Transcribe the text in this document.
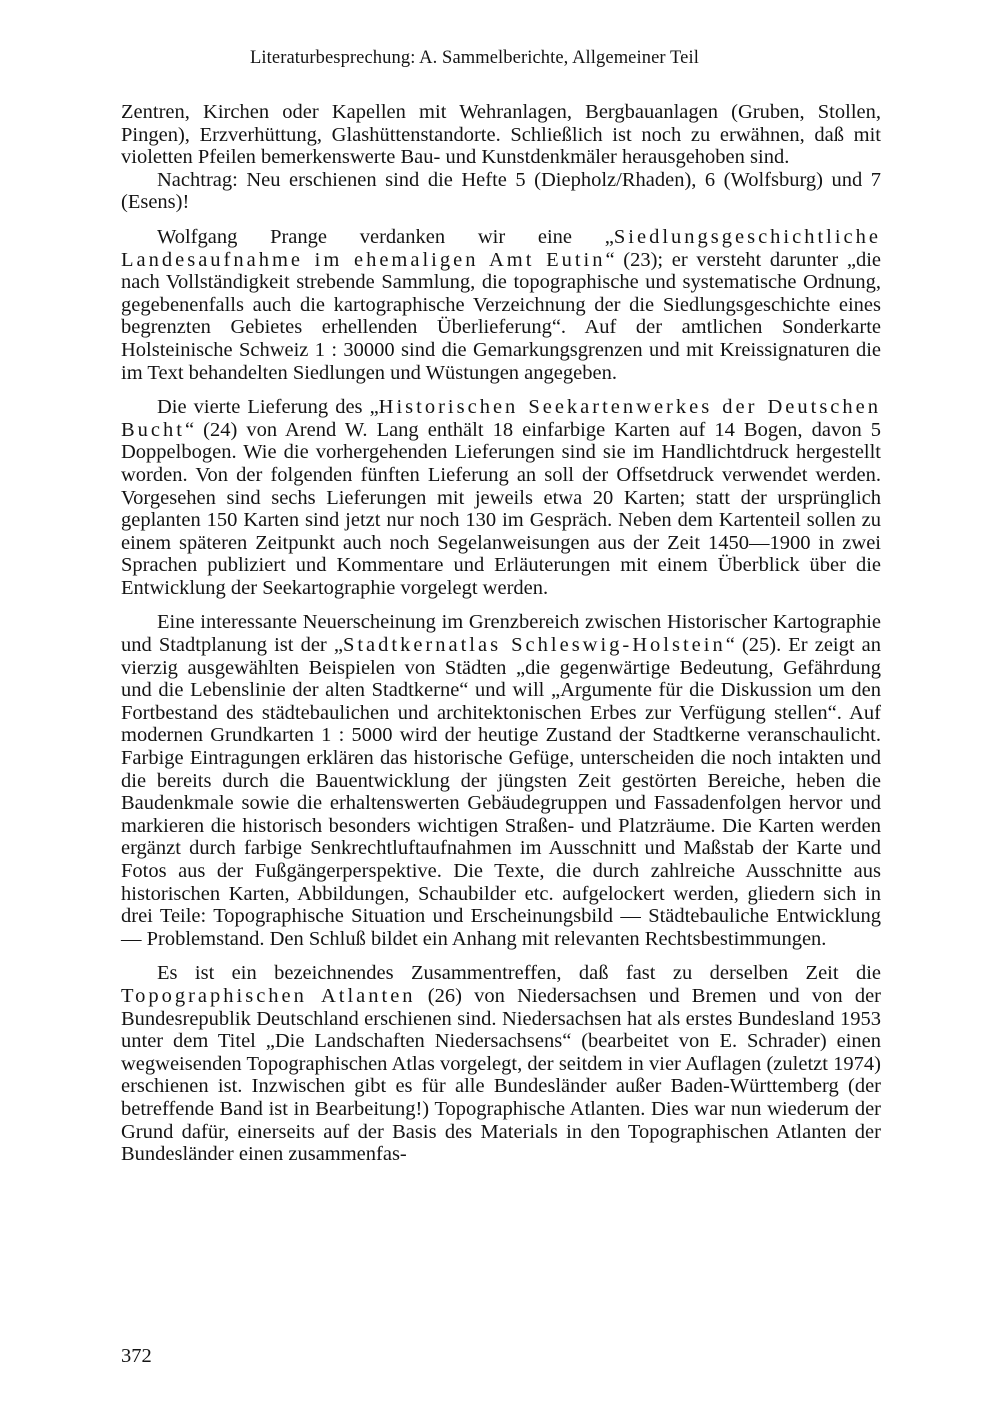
Literaturbesprechung: A. Sammelberichte, Allgemeiner Teil

Zentren, Kirchen oder Kapellen mit Wehranlagen, Bergbauanlagen (Gruben, Stollen, Pingen), Erzverhüttung, Glashüttenstandorte. Schließlich ist noch zu erwähnen, daß mit violetten Pfeilen bemerkenswerte Bau- und Kunstdenkmäler herausgehoben sind.

Nachtrag: Neu erschienen sind die Hefte 5 (Diepholz/Rhaden), 6 (Wolfsburg) und 7 (Esens)!

Wolfgang Prange verdanken wir eine „Siedlungsgeschichtliche Landesaufnahme im ehemaligen Amt Eutin“ (23); er versteht darunter „die nach Vollständigkeit strebende Sammlung, die topographische und systematische Ordnung, gegebenenfalls auch die kartographische Verzeichnung der die Siedlungsgeschichte eines begrenzten Gebietes erhellenden Überlieferung“. Auf der amtlichen Sonderkarte Holsteinische Schweiz 1 : 30000 sind die Gemarkungsgrenzen und mit Kreissignaturen die im Text behandelten Siedlungen und Wüstungen angegeben.

Die vierte Lieferung des „Historischen Seekartenwerkes der Deutschen Bucht“ (24) von Arend W. Lang enthält 18 einfarbige Karten auf 14 Bogen, davon 5 Doppelbogen. Wie die vorhergehenden Lieferungen sind sie im Handlichtdruck hergestellt worden. Von der folgenden fünften Lieferung an soll der Offsetdruck verwendet werden. Vorgesehen sind sechs Lieferungen mit jeweils etwa 20 Karten; statt der ursprünglich geplanten 150 Karten sind jetzt nur noch 130 im Gespräch. Neben dem Kartenteil sollen zu einem späteren Zeitpunkt auch noch Segelanweisungen aus der Zeit 1450—1900 in zwei Sprachen publiziert und Kommentare und Erläuterungen mit einem Überblick über die Entwicklung der Seekartographie vorgelegt werden.

Eine interessante Neuerscheinung im Grenzbereich zwischen Historischer Kartographie und Stadtplanung ist der „Stadtkernatlas Schleswig-Holstein“ (25). Er zeigt an vierzig ausgewählten Beispielen von Städten „die gegenwärtige Bedeutung, Gefährdung und die Lebenslinie der alten Stadtkerne“ und will „Argumente für die Diskussion um den Fortbestand des städtebaulichen und architektonischen Erbes zur Verfügung stellen“. Auf modernen Grundkarten 1 : 5000 wird der heutige Zustand der Stadtkerne veranschaulicht. Farbige Eintragungen erklären das historische Gefüge, unterscheiden die noch intakten und die bereits durch die Bauentwicklung der jüngsten Zeit gestörten Bereiche, heben die Baudenkmale sowie die erhaltenswerten Gebäudegruppen und Fassadenfolgen hervor und markieren die historisch besonders wichtigen Straßen- und Platzräume. Die Karten werden ergänzt durch farbige Senkrechtluftaufnahmen im Ausschnitt und Maßstab der Karte und Fotos aus der Fußgängerperspektive. Die Texte, die durch zahlreiche Ausschnitte aus historischen Karten, Abbildungen, Schaubilder etc. aufgelockert werden, gliedern sich in drei Teile: Topographische Situation und Erscheinungsbild — Städtebauliche Entwicklung — Problemstand. Den Schluß bildet ein Anhang mit relevanten Rechtsbestimmungen.

Es ist ein bezeichnendes Zusammentreffen, daß fast zu derselben Zeit die Topographischen Atlanten (26) von Niedersachsen und Bremen und von der Bundesrepublik Deutschland erschienen sind. Niedersachsen hat als erstes Bundesland 1953 unter dem Titel „Die Landschaften Niedersachsens“ (bearbeitet von E. Schrader) einen wegweisenden Topographischen Atlas vorgelegt, der seitdem in vier Auflagen (zuletzt 1974) erschienen ist. Inzwischen gibt es für alle Bundesländer außer Baden-Württemberg (der betreffende Band ist in Bearbeitung!) Topographische Atlanten. Dies war nun wiederum der Grund dafür, einerseits auf der Basis des Materials in den Topographischen Atlanten der Bundesländer einen zusammenfas-

372
